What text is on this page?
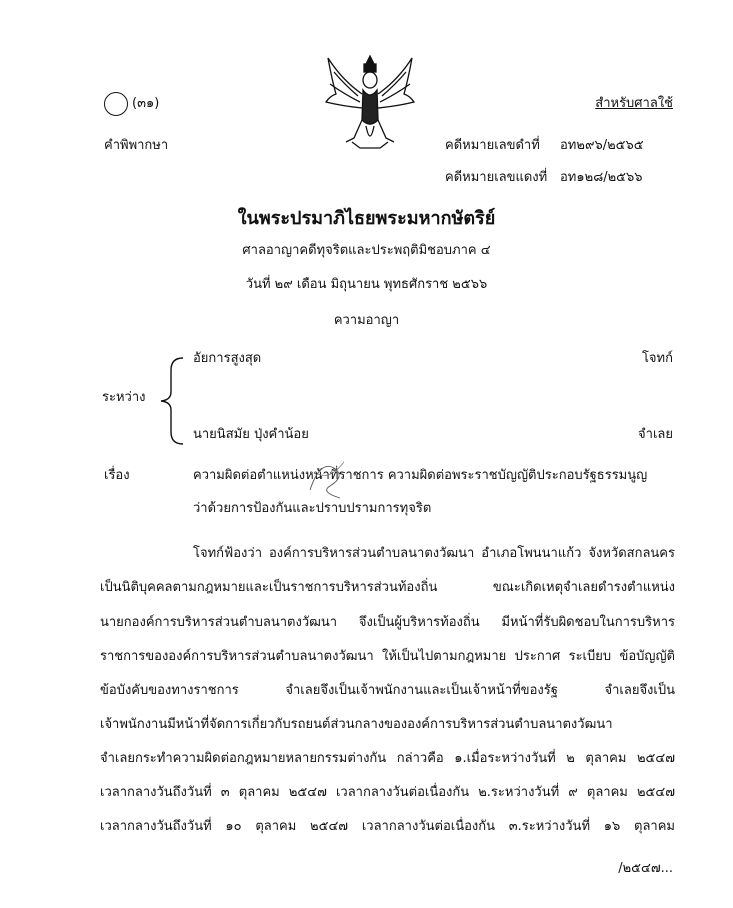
(๓๑)	สำหรับศาลใช้
คำพิพากษา	คดีหมายเลขดำที่ อท๒๙๖/๒๕๖๕
คดีหมายเลขแดงที่ อท๑๒๘/๒๕๖๖
ในพระปรมาภิไธยพระมหากษัตริย์
ศาลอาญาคดีทุจริตและประพฤติมิชอบภาค ๔
วันที่ ๒๙ เดือน มิถุนายน พุทธศักราช ๒๕๖๖
ความอาญา
ระหว่าง
อัยการสูงสุด	โจทก์
นายนิสมัย ปุ่งคำน้อย	จำเลย
เรื่อง	ความผิดต่อตำแหน่งหน้าที่ราชการ ความผิดต่อพระราชบัญญัติประกอบรัฐธรรมนูญ
ว่าด้วยการป้องกันและปราบปรามการทุจริต
โจทก์ฟ้องว่า องค์การบริหารส่วนตำบลนาตงวัฒนา อำเภอโพนนาแก้ว จังหวัดสกลนคร
เป็นนิติบุคคลตามกฎหมายและเป็นราชการบริหารส่วนท้องถิ่น ขณะเกิดเหตุจำเลยดำรงตำแหน่ง
นายกองค์การบริหารส่วนตำบลนาตงวัฒนา จึงเป็นผู้บริหารท้องถิ่น มีหน้าที่รับผิดชอบในการบริหาร
ราชการขององค์การบริหารส่วนตำบลนาตงวัฒนา ให้เป็นไปตามกฎหมาย ประกาศ ระเบียบ ข้อบัญญัติ
ข้อบังคับของทางราชการ จำเลยจึงเป็นเจ้าพนักงานและเป็นเจ้าหน้าที่ของรัฐ จำเลยจึงเป็น
เจ้าพนักงานมีหน้าที่จัดการเกี่ยวกับรถยนต์ส่วนกลางขององค์การบริหารส่วนตำบลนาตงวัฒนา
จำเลยกระทำความผิดต่อกฎหมายหลายกรรมต่างกัน กล่าวคือ ๑.เมื่อระหว่างวันที่ ๒ ตุลาคม ๒๕๔๗
เวลากลางวันถึงวันที่ ๓ ตุลาคม ๒๕๔๗ เวลากลางวันต่อเนื่องกัน ๒.ระหว่างวันที่ ๙ ตุลาคม ๒๕๔๗
เวลากลางวันถึงวันที่ ๑๐ ตุลาคม ๒๕๔๗ เวลากลางวันต่อเนื่องกัน ๓.ระหว่างวันที่ ๑๖ ตุลาคม
/๒๕๔๗...
